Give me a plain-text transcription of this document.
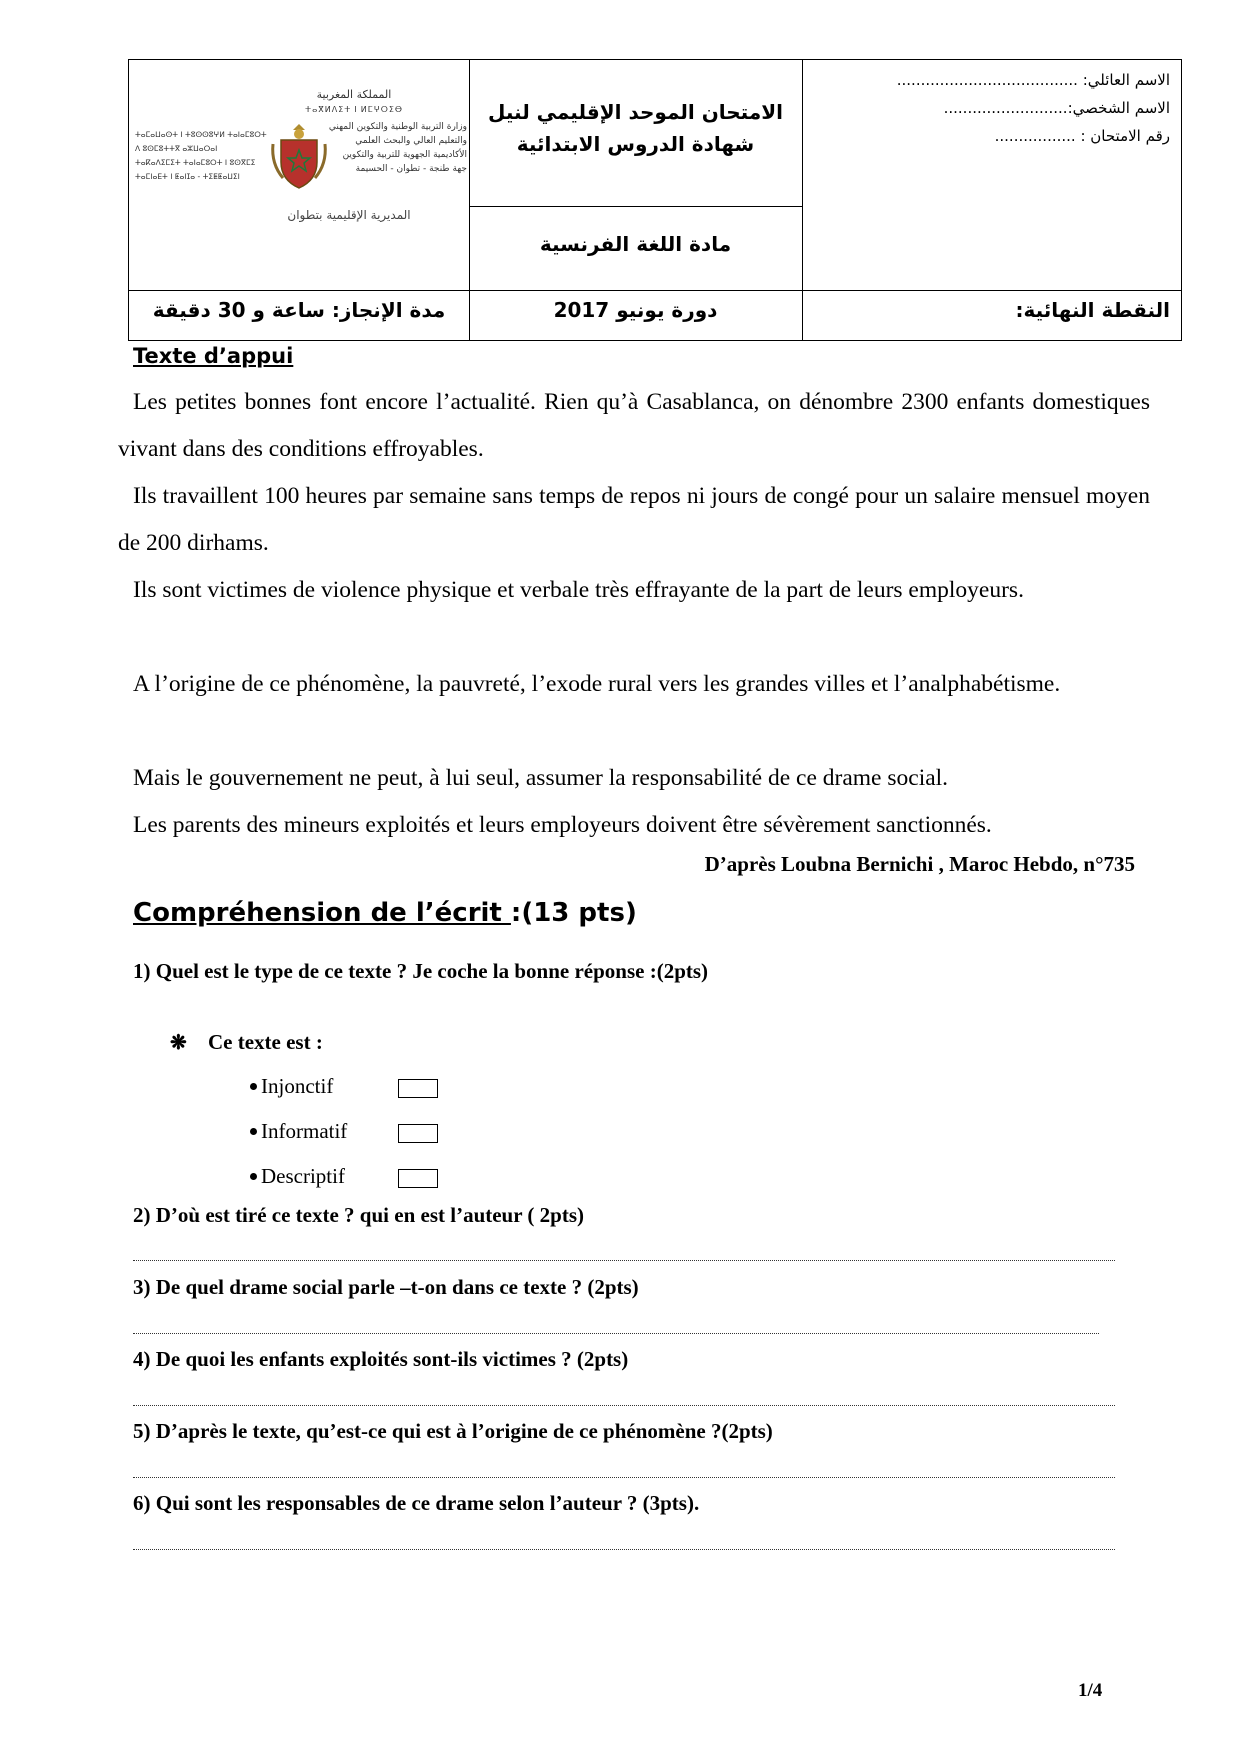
المملكة المغربية
ⵜⴰⴳⵍⴷⵉⵜ ⵏ ⵍⵎⵖⵔⵉⴱ
ⵜⴰⵎⴰⵡⴰⵙⵜ ⵏ ⵜⵓⵙⵙⵓⵖⵍ ⵜⴰⵏⴰⵎⵓⵔⵜ
ⴷ ⵓⵙⵎⵓⵜⵜⴳ ⴰⵣⵡⴰⵔⴰⵏ
ⵜⴰⴽⴰⴷⵉⵎⵉⵜ ⵜⴰⵏⴰⵎⵓⵔⵜ ⵏ ⵓⵙⴳⵎⵉ
ⵜⴰⵎⵏⴰⴹⵜ ⵏ ⵟⴰⵏⵊⴰ - ⵜⵉⵟⵟⴰⵡⵉⵏ
وزارة التربية الوطنية والتكوين المهني
والتعليم العالي والبحث العلمي
الأكاديمية الجهوية للتربية والتكوين
جهة طنجة - تطوان - الحسيمة
المديرية الإقليمية بتطوان
الامتحان الموحد الإقليمي لنيل
شهادة الدروس الابتدائية
مادة اللغة الفرنسية
الاسم العائلي: ......................................
الاسم الشخصي:..........................
رقم الامتحان : .................
مدة الإنجاز: ساعة و 30 دقيقة	دورة يونيو 2017	النقطة النهائية:
Texte d’appui
Les petites bonnes font encore l’actualité. Rien qu’à Casablanca, on dénombre 2300 enfants domestiques vivant dans des conditions effroyables.
Ils travaillent 100 heures par semaine sans temps de repos ni jours de congé pour un salaire mensuel moyen de 200 dirhams.
Ils sont victimes de violence physique et verbale très effrayante de la part de leurs employeurs.
A l’origine de ce phénomène, la pauvreté, l’exode rural vers les grandes villes et l’analphabétisme.
Mais le gouvernement ne peut, à lui seul, assumer la responsabilité de ce drame social.
Les parents des mineurs exploités et leurs employeurs doivent être sévèrement sanctionnés.
D’après Loubna Bernichi , Maroc Hebdo, n°735
Compréhension de l’écrit :(13 pts)
1) Quel est le type de ce texte ? Je coche la bonne réponse :(2pts)
❋ Ce texte est :
Injonctif
Informatif
Descriptif
2) D’où est tiré ce texte ? qui en est l’auteur ( 2pts)
3) De quel drame social parle –t-on dans ce texte ? (2pts)
4) De quoi les enfants exploités sont-ils victimes ? (2pts)
5) D’après le texte, qu’est-ce qui est à l’origine de ce phénomène ?(2pts)
6) Qui sont les responsables de ce drame selon l’auteur ? (3pts).
1/4
